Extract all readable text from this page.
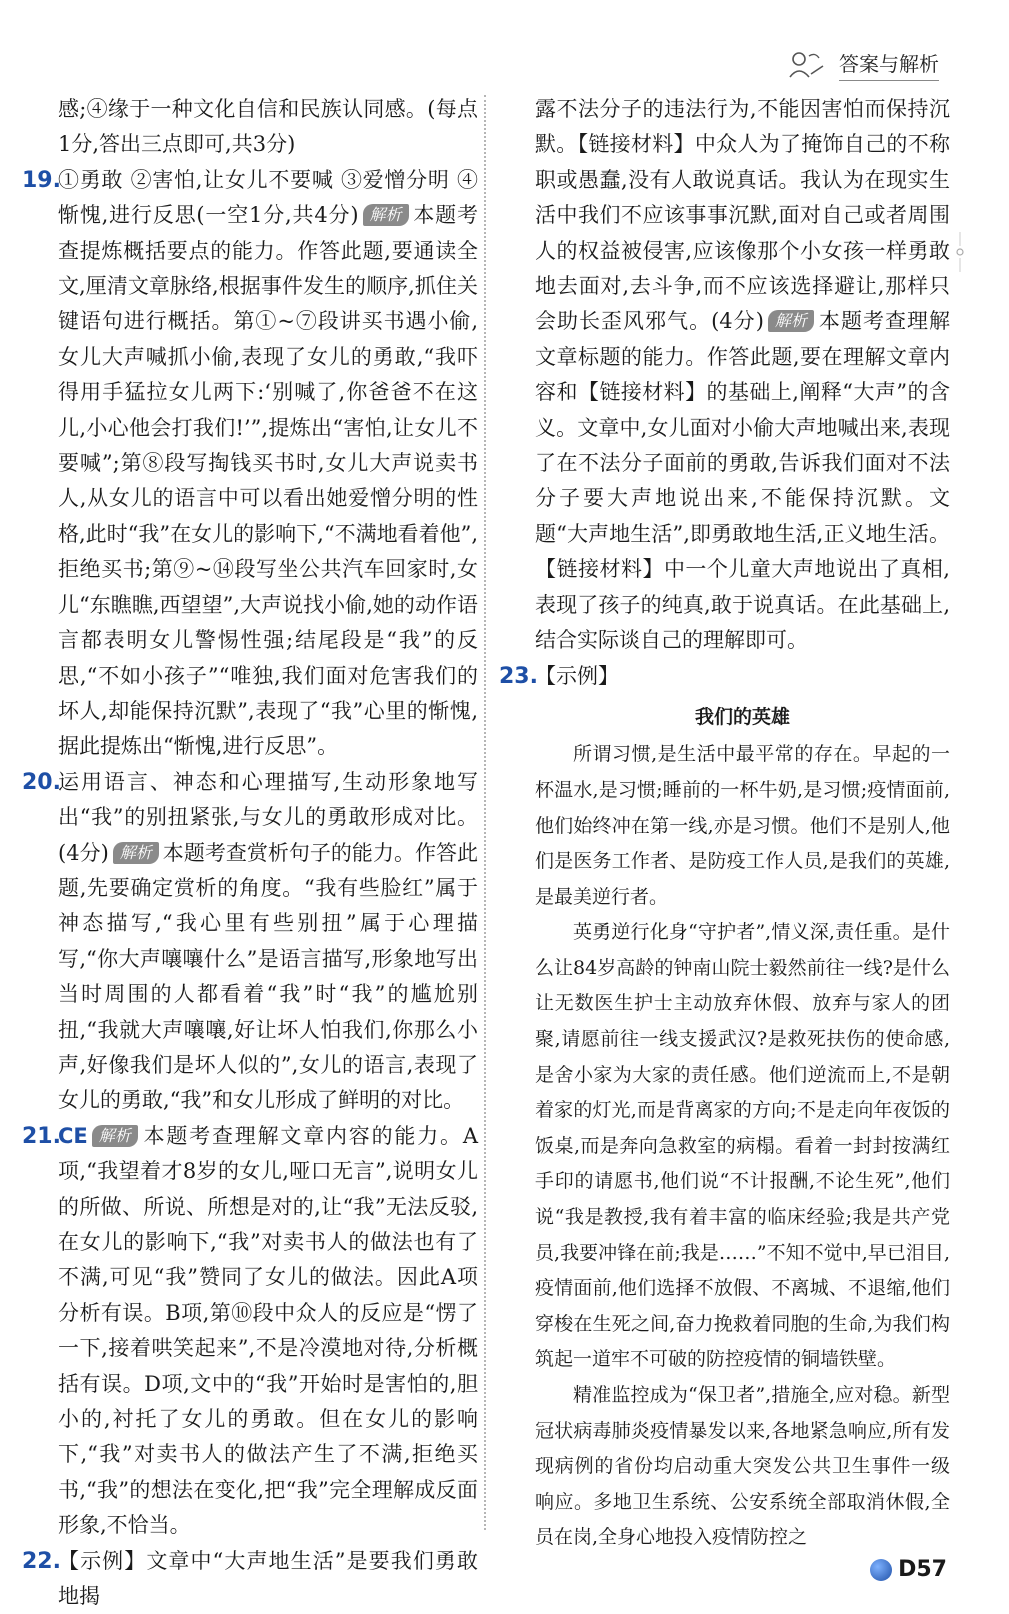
答案与解析
感;④缘于一种文化自信和民族认同感。(每点1分,答出三点即可,共3分)
19.
①勇敢 ②害怕,让女儿不要喊 ③爱憎分明 ④惭愧,进行反思(一空1分,共4分) 解析 本题考查提炼概括要点的能力。作答此题,要通读全文,厘清文章脉络,根据事件发生的顺序,抓住关键语句进行概括。第①~⑦段讲买书遇小偷,女儿大声喊抓小偷,表现了女儿的勇敢,“我吓得用手猛拉女儿两下:‘别喊了,你爸爸不在这儿,小心他会打我们!’”,提炼出“害怕,让女儿不要喊”;第⑧段写掏钱买书时,女儿大声说卖书人,从女儿的语言中可以看出她爱憎分明的性格,此时“我”在女儿的影响下,“不满地看着他”,拒绝买书;第⑨~⑭段写坐公共汽车回家时,女儿“东瞧瞧,西望望”,大声说找小偷,她的动作语言都表明女儿警惕性强;结尾段是“我”的反思,“不如小孩子”“唯独,我们面对危害我们的坏人,却能保持沉默”,表现了“我”心里的惭愧,据此提炼出“惭愧,进行反思”。
20.
运用语言、神态和心理描写,生动形象地写出“我”的别扭紧张,与女儿的勇敢形成对比。(4分) 解析 本题考查赏析句子的能力。作答此题,先要确定赏析的角度。“我有些脸红”属于神态描写,“我心里有些别扭”属于心理描写,“你大声嚷嚷什么”是语言描写,形象地写出当时周围的人都看着“我”时“我”的尴尬别扭,“我就大声嚷嚷,好让坏人怕我们,你那么小声,好像我们是坏人似的”,女儿的语言,表现了女儿的勇敢,“我”和女儿形成了鲜明的对比。
21.
CE 解析 本题考查理解文章内容的能力。A项,“我望着才8岁的女儿,哑口无言”,说明女儿的所做、所说、所想是对的,让“我”无法反驳,在女儿的影响下,“我”对卖书人的做法也有了不满,可见“我”赞同了女儿的做法。因此A项分析有误。B项,第⑩段中众人的反应是“愣了一下,接着哄笑起来”,不是冷漠地对待,分析概括有误。D项,文中的“我”开始时是害怕的,胆小的,衬托了女儿的勇敢。但在女儿的影响下,“我”对卖书人的做法产生了不满,拒绝买书,“我”的想法在变化,把“我”完全理解成反面形象,不恰当。
22.
【示例】文章中“大声地生活”是要我们勇敢地揭
露不法分子的违法行为,不能因害怕而保持沉默。【链接材料】中众人为了掩饰自己的不称职或愚蠢,没有人敢说真话。我认为在现实生活中我们不应该事事沉默,面对自己或者周围人的权益被侵害,应该像那个小女孩一样勇敢地去面对,去斗争,而不应该选择避让,那样只会助长歪风邪气。(4分) 解析 本题考查理解文章标题的能力。作答此题,要在理解文章内容和【链接材料】的基础上,阐释“大声”的含义。文章中,女儿面对小偷大声地喊出来,表现了在不法分子面前的勇敢,告诉我们面对不法分子要大声地说出来,不能保持沉默。文题“大声地生活”,即勇敢地生活,正义地生活。【链接材料】中一个儿童大声地说出了真相,表现了孩子的纯真,敢于说真话。在此基础上,结合实际谈自己的理解即可。
23.
【示例】
我们的英雄

所谓习惯,是生活中最平常的存在。早起的一杯温水,是习惯;睡前的一杯牛奶,是习惯;疫情面前,他们始终冲在第一线,亦是习惯。他们不是别人,他们是医务工作者、是防疫工作人员,是我们的英雄,是最美逆行者。

英勇逆行化身“守护者”,情义深,责任重。是什么让84岁高龄的钟南山院士毅然前往一线?是什么让无数医生护士主动放弃休假、放弃与家人的团聚,请愿前往一线支援武汉?是救死扶伤的使命感,是舍小家为大家的责任感。他们逆流而上,不是朝着家的灯光,而是背离家的方向;不是走向年夜饭的饭桌,而是奔向急救室的病榻。看着一封封按满红手印的请愿书,他们说“不计报酬,不论生死”,他们说“我是教授,我有着丰富的临床经验;我是共产党员,我要冲锋在前;我是……”不知不觉中,早已泪目,疫情面前,他们选择不放假、不离城、不退缩,他们穿梭在生死之间,奋力挽救着同胞的生命,为我们构筑起一道牢不可破的防控疫情的铜墙铁壁。

精准监控成为“保卫者”,措施全,应对稳。新型冠状病毒肺炎疫情暴发以来,各地紧急响应,所有发现病例的省份均启动重大突发公共卫生事件一级响应。多地卫生系统、公安系统全部取消休假,全员在岗,全身心地投入疫情防控之

D57
